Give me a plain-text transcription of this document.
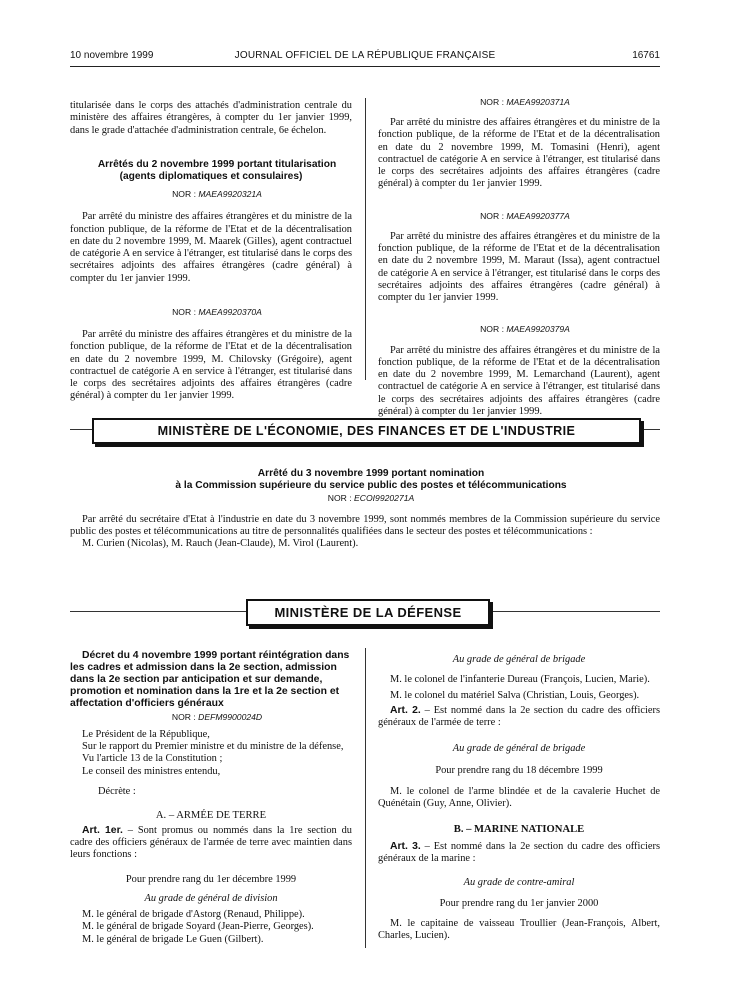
10 novembre 1999	JOURNAL OFFICIEL DE LA RÉPUBLIQUE FRANÇAISE	16761

titularisée dans le corps des attachés d'administration centrale du ministère des affaires étrangères, à compter du 1er janvier 1999, dans le grade d'attachée d'administration centrale, 6e échelon.

Arrêtés du 2 novembre 1999 portant titularisation (agents diplomatiques et consulaires)

NOR : MAEA9920321A

Par arrêté du ministre des affaires étrangères et du ministre de la fonction publique, de la réforme de l'Etat et de la décentralisation en date du 2 novembre 1999, M. Maarek (Gilles), agent contractuel de catégorie A en service à l'étranger, est titularisé dans le corps des secrétaires adjoints des affaires étrangères (cadre général) à compter du 1er janvier 1999.

NOR : MAEA9920370A

Par arrêté du ministre des affaires étrangères et du ministre de la fonction publique, de la réforme de l'Etat et de la décentralisation en date du 2 novembre 1999, M. Chilovsky (Grégoire), agent contractuel de catégorie A en service à l'étranger, est titularisé dans le corps des secrétaires adjoints des affaires étrangères (cadre général) à compter du 1er janvier 1999.

NOR : MAEA9920371A

Par arrêté du ministre des affaires étrangères et du ministre de la fonction publique, de la réforme de l'Etat et de la décentralisation en date du 2 novembre 1999, M. Tomasini (Henri), agent contractuel de catégorie A en service à l'étranger, est titularisé dans le corps des secrétaires adjoints des affaires étrangères (cadre général) à compter du 1er janvier 1999.

NOR : MAEA9920377A

Par arrêté du ministre des affaires étrangères et du ministre de la fonction publique, de la réforme de l'Etat et de la décentralisation en date du 2 novembre 1999, M. Maraut (Issa), agent contractuel de catégorie A en service à l'étranger, est titularisé dans le corps des secrétaires adjoints des affaires étrangères (cadre général) à compter du 1er janvier 1999.

NOR : MAEA9920379A

Par arrêté du ministre des affaires étrangères et du ministre de la fonction publique, de la réforme de l'Etat et de la décentralisation en date du 2 novembre 1999, M. Lemarchand (Laurent), agent contractuel de catégorie A en service à l'étranger, est titularisé dans le corps des secrétaires adjoints des affaires étrangères (cadre général) à compter du 1er janvier 1999.

MINISTÈRE DE L'ÉCONOMIE, DES FINANCES ET DE L'INDUSTRIE

Arrêté du 3 novembre 1999 portant nomination

à la Commission supérieure du service public des postes et télécommunications

NOR : ECOI9920271A

Par arrêté du secrétaire d'Etat à l'industrie en date du 3 novembre 1999, sont nommés membres de la Commission supérieure du service public des postes et télécommunications au titre de personnalités qualifiées dans le secteur des postes et télécommunications :

M. Curien (Nicolas), M. Rauch (Jean-Claude), M. Virol (Laurent).

MINISTÈRE DE LA DÉFENSE

Décret du 4 novembre 1999 portant réintégration dans les cadres et admission dans la 2e section, admission dans la 2e section par anticipation et sur demande, promotion et nomination dans la 1re et la 2e section et affectation d'officiers généraux

NOR : DEFM9900024D

Le Président de la République,

Sur le rapport du Premier ministre et du ministre de la défense,

Vu l'article 13 de la Constitution ;

Le conseil des ministres entendu,

Décrète :

A. – ARMÉE DE TERRE

Art. 1er. – Sont promus ou nommés dans la 1re section du cadre des officiers généraux de l'armée de terre avec maintien dans leurs fonctions :

Pour prendre rang du 1er décembre 1999

Au grade de général de division

M. le général de brigade d'Astorg (Renaud, Philippe).

M. le général de brigade Soyard (Jean-Pierre, Georges).

M. le général de brigade Le Guen (Gilbert).

Au grade de général de brigade

M. le colonel de l'infanterie Dureau (François, Lucien, Marie).

M. le colonel du matériel Salva (Christian, Louis, Georges).

Art. 2. – Est nommé dans la 2e section du cadre des officiers généraux de l'armée de terre :

Au grade de général de brigade

Pour prendre rang du 18 décembre 1999

M. le colonel de l'arme blindée et de la cavalerie Huchet de Quénétain (Guy, Anne, Olivier).

B. – MARINE NATIONALE

Art. 3. – Est nommé dans la 2e section du cadre des officiers généraux de la marine :

Au grade de contre-amiral

Pour prendre rang du 1er janvier 2000

M. le capitaine de vaisseau Troullier (Jean-François, Albert, Charles, Lucien).
